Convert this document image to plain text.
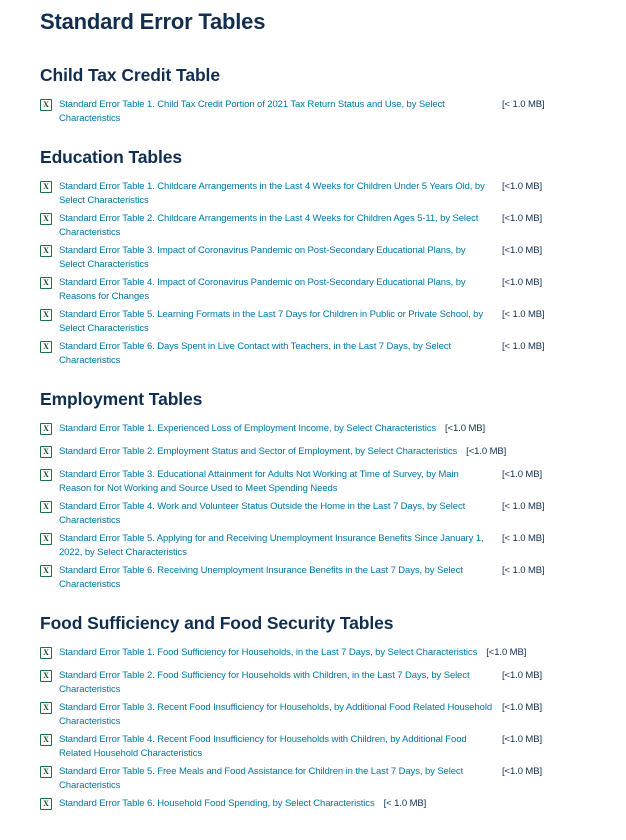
Standard Error Tables
Child Tax Credit Table
X Standard Error Table 1. Child Tax Credit Portion of 2021 Tax Return Status and Use, by Select Characteristics[< 1.0 MB]
Education Tables
X Standard Error Table 1. Childcare Arrangements in the Last 4 Weeks for Children Under 5 Years Old, by Select Characteristics[<1.0 MB]
X Standard Error Table 2. Childcare Arrangements in the Last 4 Weeks for Children Ages 5-11, by Select Characteristics[<1.0 MB]
X Standard Error Table 3. Impact of Coronavirus Pandemic on Post-Secondary Educational Plans, by Select Characteristics[<1.0 MB]
X Standard Error Table 4. Impact of Coronavirus Pandemic on Post-Secondary Educational Plans, by Reasons for Changes[<1.0 MB]
X Standard Error Table 5. Learning Formats in the Last 7 Days for Children in Public or Private School, by Select Characteristics[< 1.0 MB]
X Standard Error Table 6. Days Spent in Live Contact with Teachers, in the Last 7 Days, by Select Characteristics[< 1.0 MB]
Employment Tables
X Standard Error Table 1. Experienced Loss of Employment Income, by Select Characteristics [<1.0 MB]
X Standard Error Table 2. Employment Status and Sector of Employment, by Select Characteristics [<1.0 MB]
X Standard Error Table 3. Educational Attainment for Adults Not Working at Time of Survey, by Main Reason for Not Working and Source Used to Meet Spending Needs[<1.0 MB]
X Standard Error Table 4. Work and Volunteer Status Outside the Home in the Last 7 Days, by Select Characteristics[< 1.0 MB]
X Standard Error Table 5. Applying for and Receiving Unemployment Insurance Benefits Since January 1, 2022, by Select Characteristics[< 1.0 MB]
X Standard Error Table 6. Receiving Unemployment Insurance Benefits in the Last 7 Days, by Select Characteristics[< 1.0 MB]
Food Sufficiency and Food Security Tables
X Standard Error Table 1. Food Sufficiency for Households, in the Last 7 Days, by Select Characteristics [<1.0 MB]
X Standard Error Table 2. Food Sufficiency for Households with Children, in the Last 7 Days, by Select Characteristics[<1.0 MB]
X Standard Error Table 3. Recent Food Insufficiency for Households, by Additional Food Related Household Characteristics[<1.0 MB]
X Standard Error Table 4. Recent Food Insufficiency for Households with Children, by Additional Food Related Household Characteristics[<1.0 MB]
X Standard Error Table 5. Free Meals and Food Assistance for Children in the Last 7 Days, by Select Characteristics[<1.0 MB]
X Standard Error Table 6. Household Food Spending, by Select Characteristics [< 1.0 MB]
